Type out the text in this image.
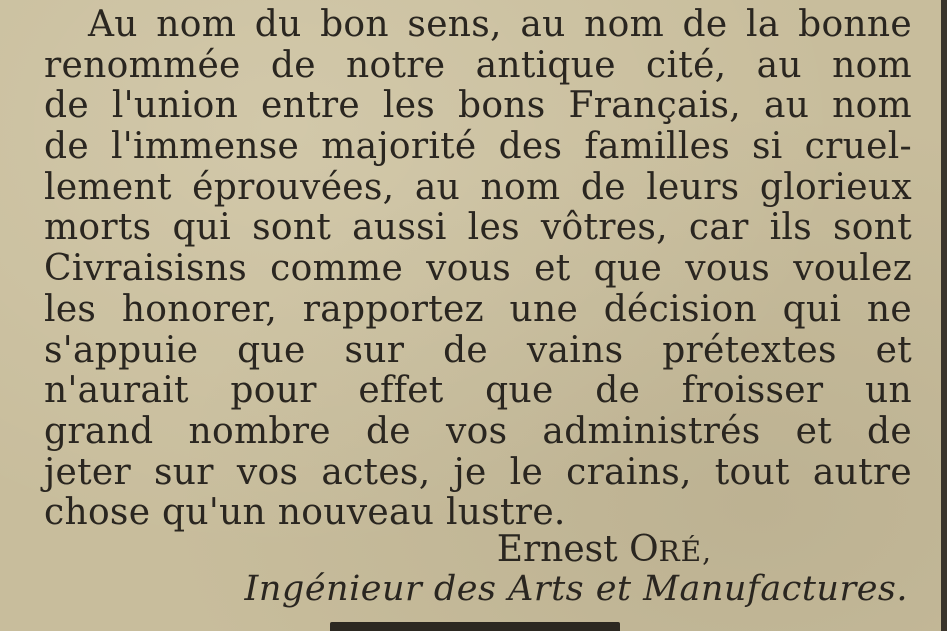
Au nom du bon sens, au nom de la bonne
renommée de notre antique cité, au nom
de l'union entre les bons Français, au nom
de l'immense majorité des familles si cruel-
lement éprouvées, au nom de leurs glorieux
morts qui sont aussi les vôtres, car ils sont
Civraisisns comme vous et que vous voulez
les honorer, rapportez une décision qui ne
s'appuie que sur de vains prétextes et
n'aurait pour effet que de froisser un
grand nombre de vos administrés et de
jeter sur vos actes, je le crains, tout autre
chose qu'un nouveau lustre.
Ernest ORÉ,
Ingénieur des Arts et Manufactures.
